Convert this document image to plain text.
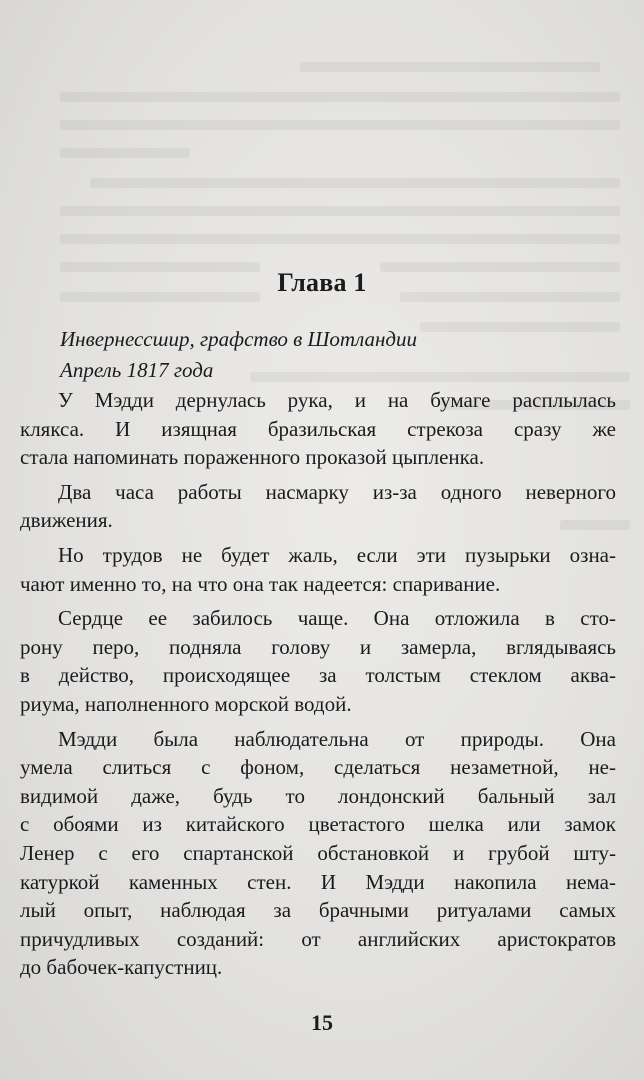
Глава 1
Инвернессшир, графство в Шотландии
Апрель 1817 года

У Мэдди дернулась рука, и на бумаге расплылась
клякса. И изящная бразильская стрекоза сразу же
стала напоминать пораженного проказой цыпленка.

Два часа работы насмарку из-за одного неверного
движения.

Но трудов не будет жаль, если эти пузырьки озна-
чают именно то, на что она так надеется: спаривание.

Сердце ее забилось чаще. Она отложила в сто-
рону перо, подняла голову и замерла, вглядываясь
в действо, происходящее за толстым стеклом аква-
риума, наполненного морской водой.

Мэдди была наблюдательна от природы. Она
умела слиться с фоном, сделаться незаметной, не-
видимой даже, будь то лондонский бальный зал
с обоями из китайского цветастого шелка или замок
Ленер с его спартанской обстановкой и грубой шту-
катуркой каменных стен. И Мэдди накопила нема-
лый опыт, наблюдая за брачными ритуалами самых
причудливых созданий: от английских аристократов
до бабочек-капустниц.

15
